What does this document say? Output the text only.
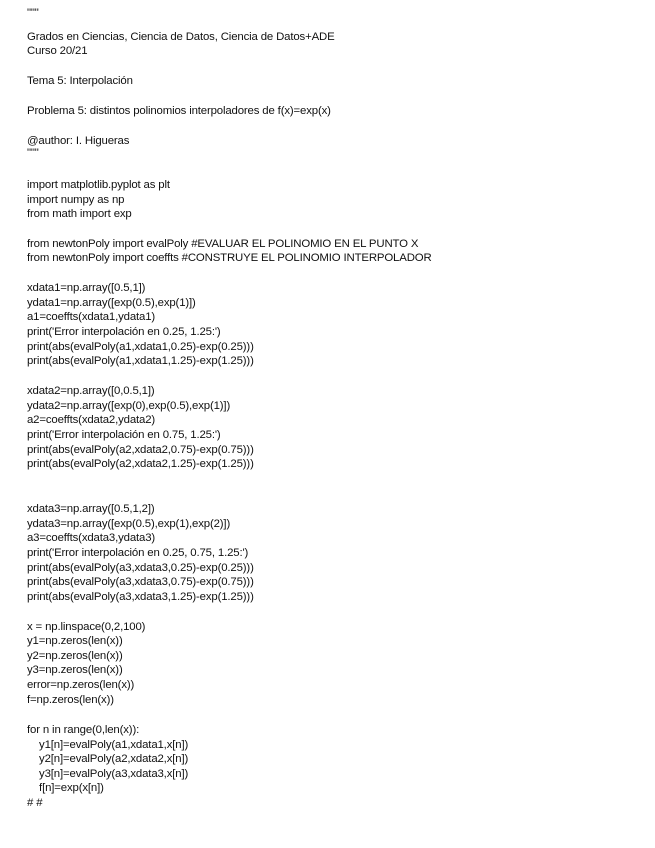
"""
Grados en Ciencias, Ciencia de Datos, Ciencia de Datos+ADE
Curso 20/21
Tema 5: Interpolación
Problema 5: distintos polinomios interpoladores de f(x)=exp(x)
@author: I. Higueras
"""
import matplotlib.pyplot as plt
import numpy as np
from math import exp
from newtonPoly import evalPoly #EVALUAR EL POLINOMIO EN EL PUNTO X
from newtonPoly import coeffts #CONSTRUYE EL POLINOMIO INTERPOLADOR
xdata1=np.array([0.5,1])
ydata1=np.array([exp(0.5),exp(1)])
a1=coeffts(xdata1,ydata1)
print('Error interpolación en 0.25, 1.25:')
print(abs(evalPoly(a1,xdata1,0.25)-exp(0.25)))
print(abs(evalPoly(a1,xdata1,1.25)-exp(1.25)))
xdata2=np.array([0,0.5,1])
ydata2=np.array([exp(0),exp(0.5),exp(1)])
a2=coeffts(xdata2,ydata2)
print('Error interpolación en 0.75, 1.25:')
print(abs(evalPoly(a2,xdata2,0.75)-exp(0.75)))
print(abs(evalPoly(a2,xdata2,1.25)-exp(1.25)))
xdata3=np.array([0.5,1,2])
ydata3=np.array([exp(0.5),exp(1),exp(2)])
a3=coeffts(xdata3,ydata3)
print('Error interpolación en 0.25, 0.75, 1.25:')
print(abs(evalPoly(a3,xdata3,0.25)-exp(0.25)))
print(abs(evalPoly(a3,xdata3,0.75)-exp(0.75)))
print(abs(evalPoly(a3,xdata3,1.25)-exp(1.25)))
x = np.linspace(0,2,100)
y1=np.zeros(len(x))
y2=np.zeros(len(x))
y3=np.zeros(len(x))
error=np.zeros(len(x))
f=np.zeros(len(x))
for n in range(0,len(x)):
y1[n]=evalPoly(a1,xdata1,x[n])
y2[n]=evalPoly(a2,xdata2,x[n])
y3[n]=evalPoly(a3,xdata3,x[n])
f[n]=exp(x[n])
# #
